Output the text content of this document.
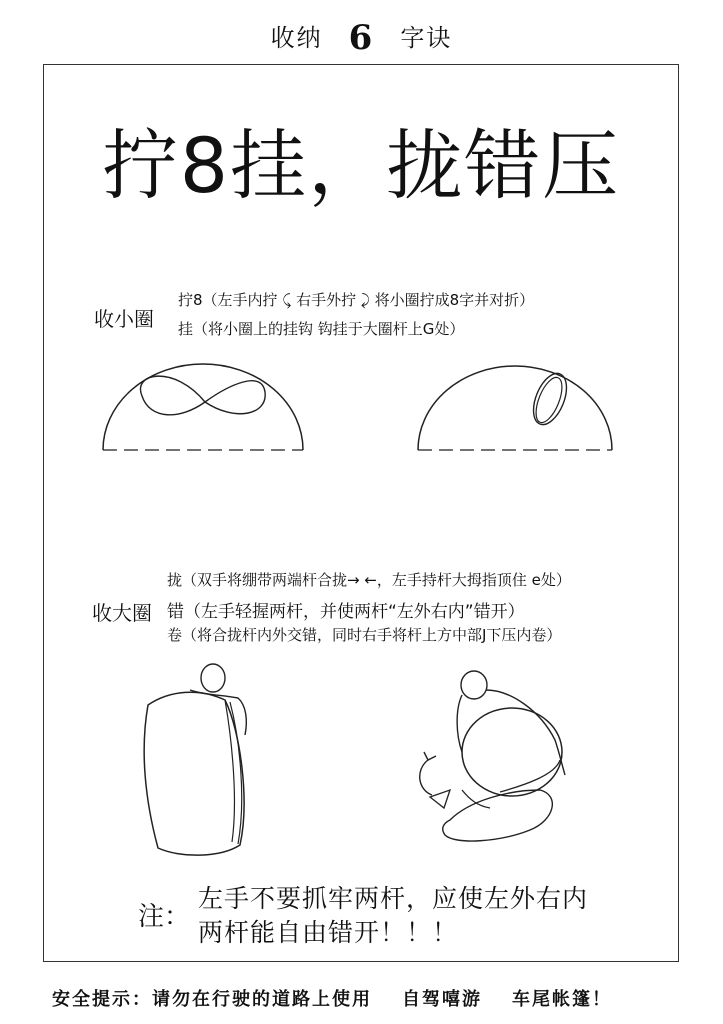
收纳 6 字诀
拧8挂，拢错压
收小圈
拧8（左手内拧 ⤹ 右手外拧 ⤸ 将小圈拧成8字并对折）
挂（将小圈上的挂钩 钩挂于大圈杆上G处）
收大圈
拢（双手将绷带两端杆合拢→ ←，左手持杆大拇指顶住 e处）
错（左手轻握两杆，并使两杆“左外右内”错开）
卷（将合拢杆内外交错，同时右手将杆上方中部J下压内卷）
注：
左手不要抓牢两杆，应使左外右内
两杆能自由错开！！！
安全提示：请勿在行驶的道路上使用 自驾嘻游 车尾帐篷！
